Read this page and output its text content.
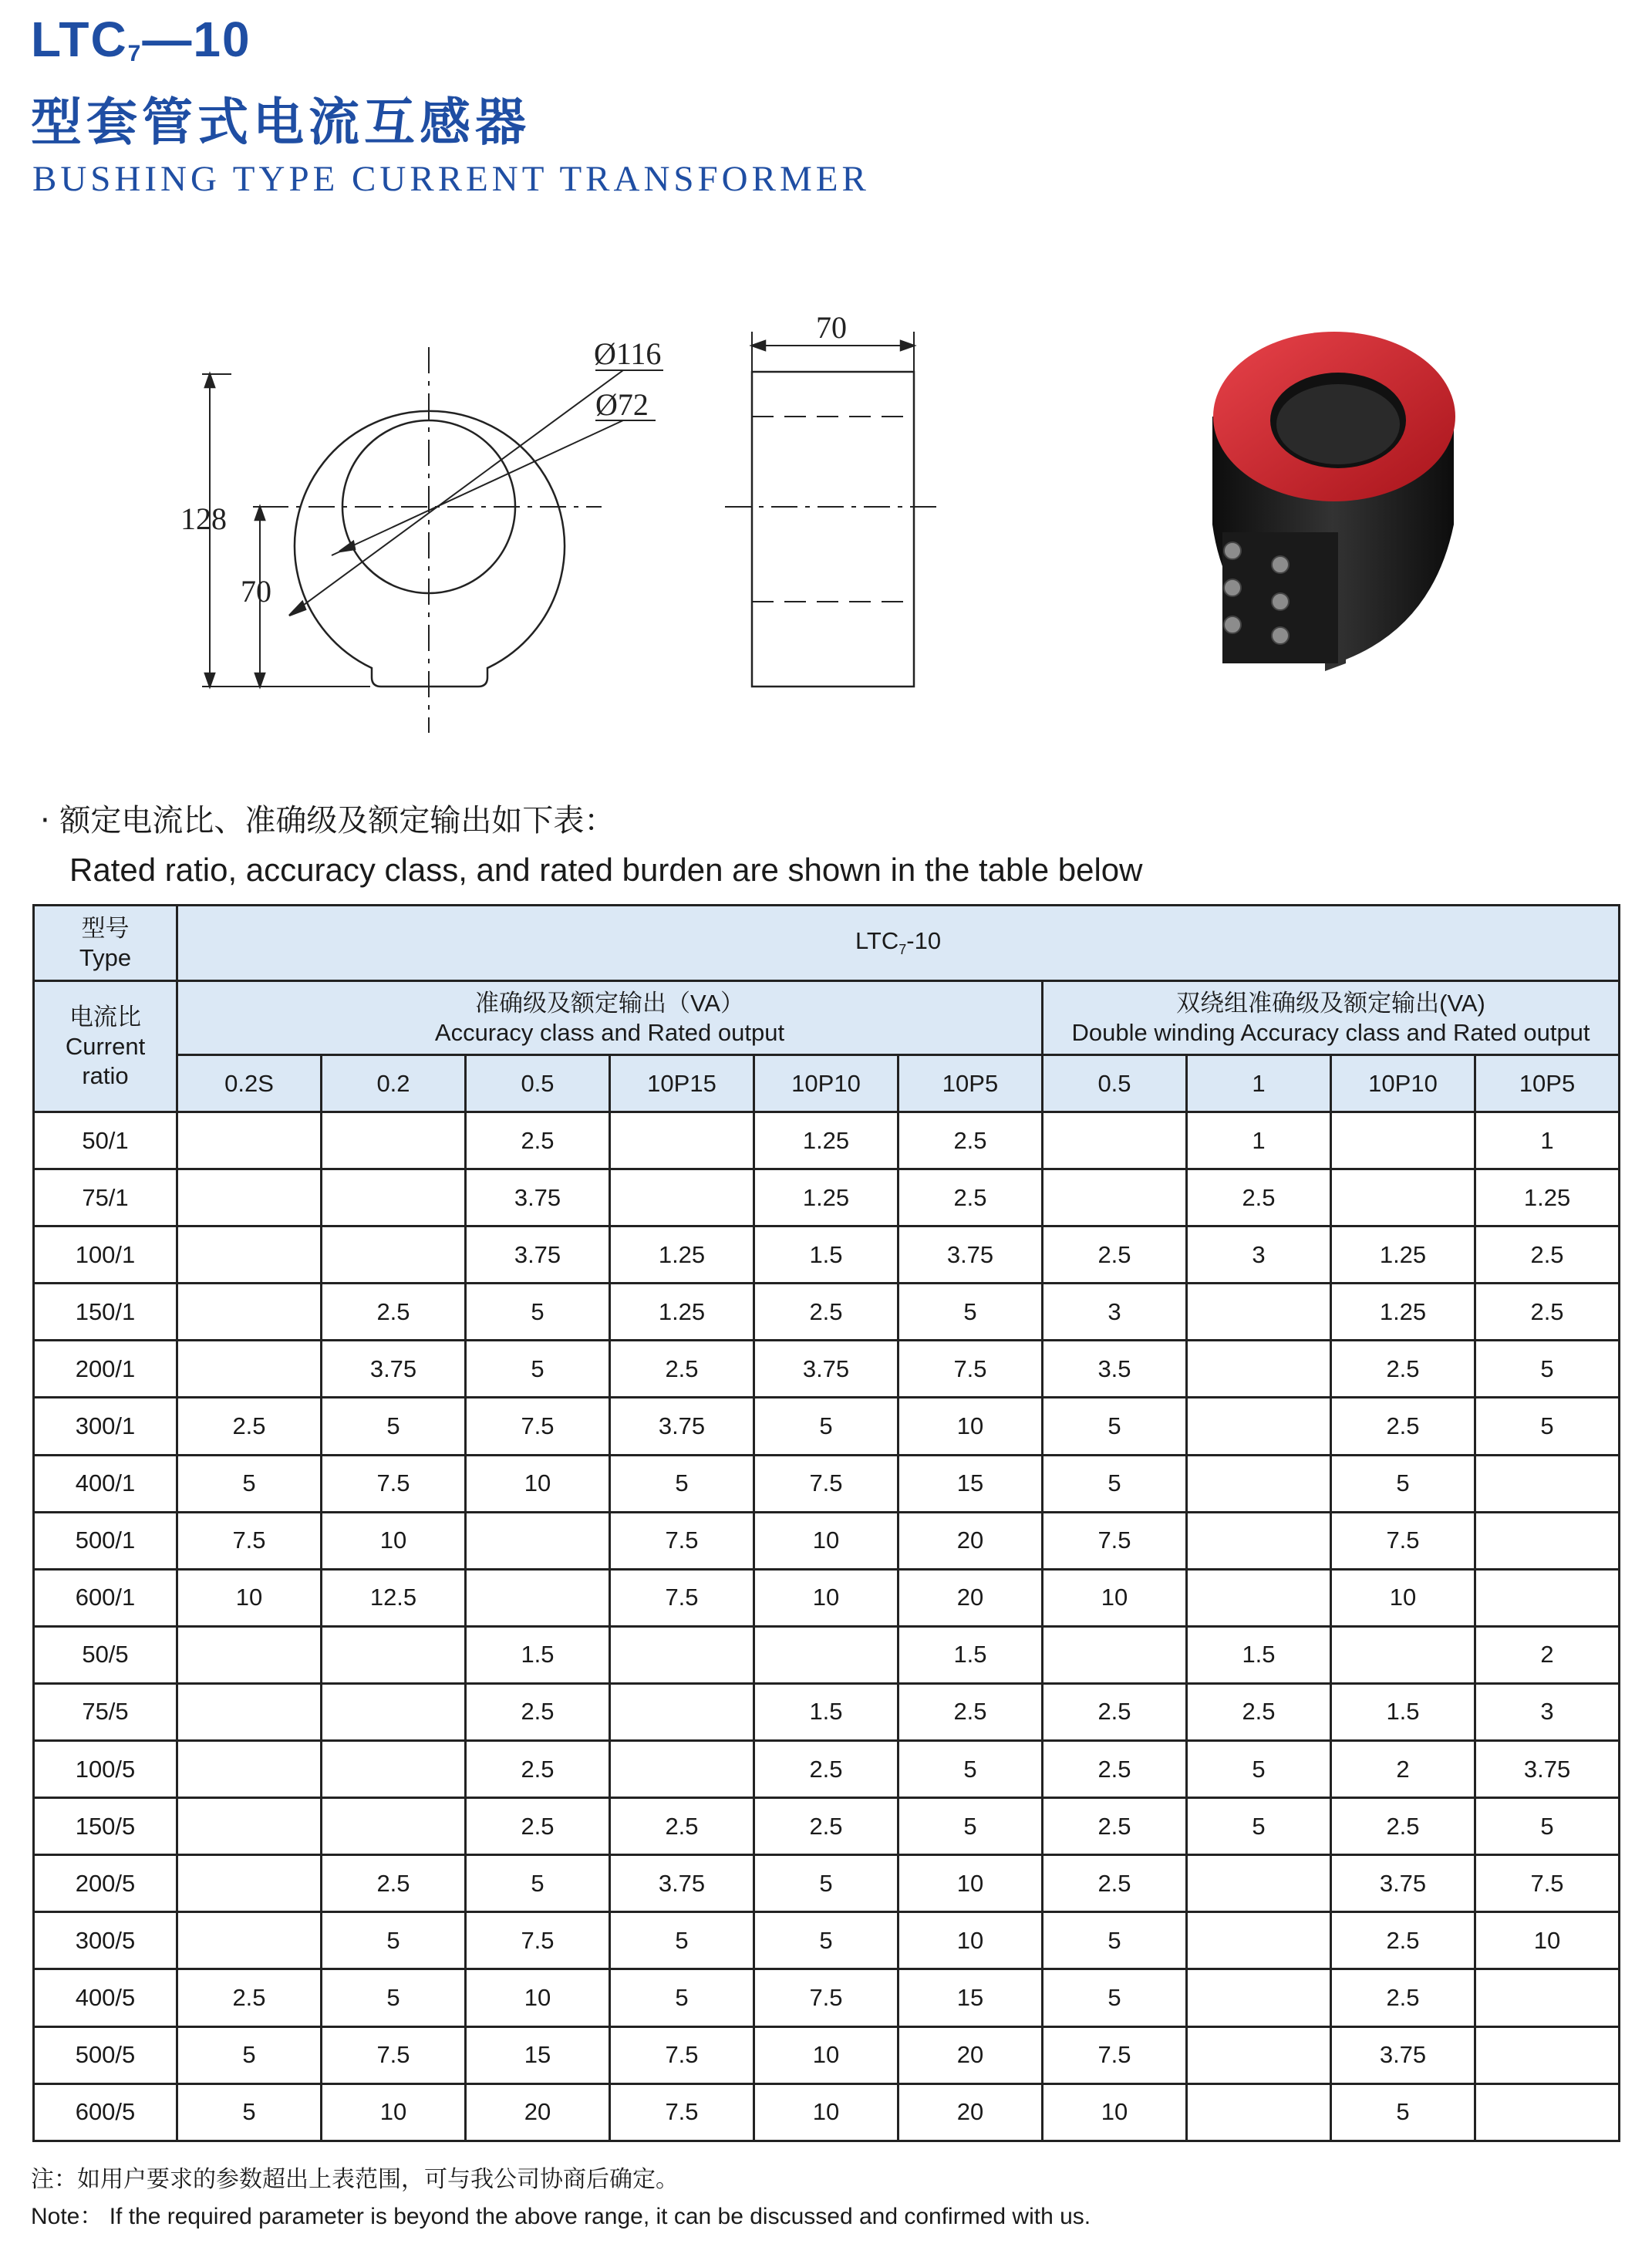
$LTC_7—10$
型套管式电流互感器
BUSHING TYPE CURRENT TRANSFORMER
Ø116
Ø72
128
70
70
· 额定电流比、准确级及额定输出如下表：
Rated ratio, accuracy class, and rated burden are shown in the table below
型号
Type	$LTC_7-10$									
电流比
Current
ratio	准确级及额定输出（VA）
Accuracy class and Rated output						双绕组准确级及额定输出(VA)
Double winding Accuracy class and Rated output			
	0.2S	0.2	0.5	10P15	10P10	10P5	0.5	1	10P10	10P5
50/1			2.5		1.25	2.5		1		1
75/1			3.75		1.25	2.5		2.5		1.25
100/1			3.75	1.25	1.5	3.75	2.5	3	1.25	2.5
150/1		2.5	5	1.25	2.5	5	3		1.25	2.5
200/1		3.75	5	2.5	3.75	7.5	3.5		2.5	5
300/1	2.5	5	7.5	3.75	5	10	5		2.5	5
400/1	5	7.5	10	5	7.5	15	5		5	
500/1	7.5	10		7.5	10	20	7.5		7.5	
600/1	10	12.5		7.5	10	20	10		10	
50/5			1.5			1.5		1.5		2
75/5			2.5		1.5	2.5	2.5	2.5	1.5	3
100/5			2.5		2.5	5	2.5	5	2	3.75
150/5			2.5	2.5	2.5	5	2.5	5	2.5	5
200/5		2.5	5	3.75	5	10	2.5		3.75	7.5
300/5		5	7.5	5	5	10	5		2.5	10
400/5	2.5	5	10	5	7.5	15	5		2.5	
500/5	5	7.5	15	7.5	10	20	7.5		3.75	
600/5	5	10	20	7.5	10	20	10		5	
注：如用户要求的参数超出上表范围，可与我公司协商后确定。
Note： If the required parameter is beyond the above range, it can be discussed and confirmed with us.
